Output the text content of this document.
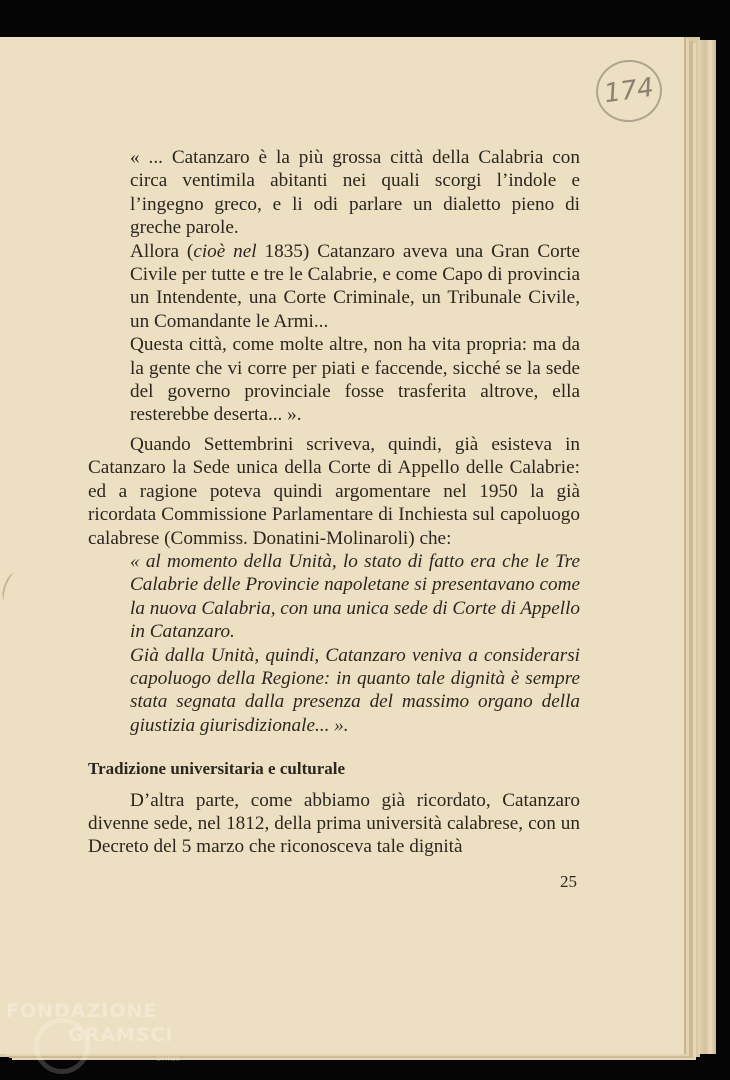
174

« ... Catanzaro è la più grossa città della Calabria con circa ventimila abitanti nei quali scorgi l’indole e l’ingegno greco, e li odi parlare un dialetto pieno di greche parole.

Allora (cioè nel 1835) Catanzaro aveva una Gran Corte Civile per tutte e tre le Calabrie, e come Capo di provincia un Intendente, una Corte Criminale, un Tribunale Civile, un Comandante le Armi...

Questa città, come molte altre, non ha vita propria: ma da la gente che vi corre per piati e faccende, sicché se la sede del governo provinciale fosse trasferita altrove, ella resterebbe deserta... ».

Quando Settembrini scriveva, quindi, già esisteva in Catanzaro la Sede unica della Corte di Appello delle Calabrie: ed a ragione poteva quindi argomentare nel 1950 la già ricordata Commissione Parlamentare di Inchiesta sul capoluogo calabrese (Commiss. Donatini-Molinaroli) che:

« al momento della Unità, lo stato di fatto era che le Tre Calabrie delle Provincie napoletane si presentavano come la nuova Calabria, con una unica sede di Corte di Appello in Catanzaro.

Già dalla Unità, quindi, Catanzaro veniva a considerarsi capoluogo della Regione: in quanto tale dignità è sempre stata segnata dalla presenza del massimo organo della giustizia giurisdizionale... ».

Tradizione universitaria e culturale

D’altra parte, come abbiamo già ricordato, Catanzaro divenne sede, nel 1812, della prima università calabrese, con un Decreto del 5 marzo che riconosceva tale dignità

25
FONDAZIONE
GRAMSCI
onlus
